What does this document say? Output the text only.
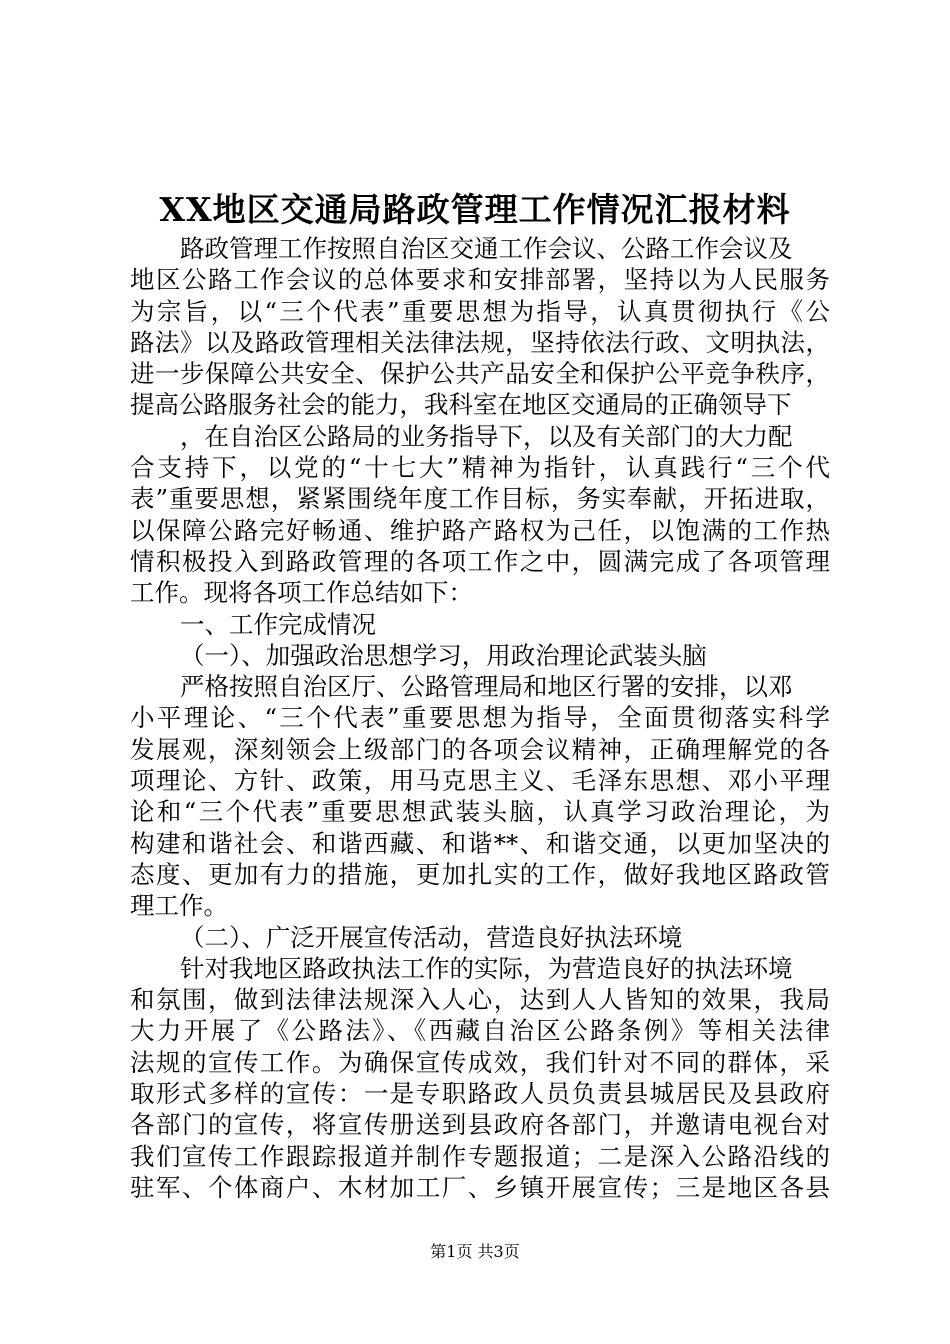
XX地区交通局路政管理工作情况汇报材料
路政管理工作按照自治区交通工作会议、公路工作会议及
地区公路工作会议的总体要求和安排部署，坚持以为人民服务
为宗旨，以“三个代表”重要思想为指导，认真贯彻执行《公
路法》以及路政管理相关法律法规，坚持依法行政、文明执法，
进一步保障公共安全、保护公共产品安全和保护公平竞争秩序，
提高公路服务社会的能力，我科室在地区交通局的正确领导下
，在自治区公路局的业务指导下，以及有关部门的大力配
合支持下，以党的“十七大”精神为指针，认真践行“三个代
表”重要思想，紧紧围绕年度工作目标，务实奉献，开拓进取，
以保障公路完好畅通、维护路产路权为己任，以饱满的工作热
情积极投入到路政管理的各项工作之中，圆满完成了各项管理
工作。现将各项工作总结如下：
一、工作完成情况
（一）、加强政治思想学习，用政治理论武装头脑
严格按照自治区厅、公路管理局和地区行署的安排，以邓
小平理论、“三个代表”重要思想为指导，全面贯彻落实科学
发展观，深刻领会上级部门的各项会议精神，正确理解党的各
项理论、方针、政策，用马克思主义、毛泽东思想、邓小平理
论和“三个代表”重要思想武装头脑，认真学习政治理论，为
构建和谐社会、和谐西藏、和谐**、和谐交通，以更加坚决的
态度、更加有力的措施，更加扎实的工作，做好我地区路政管
理工作。
（二）、广泛开展宣传活动，营造良好执法环境
针对我地区路政执法工作的实际，为营造良好的执法环境
和氛围，做到法律法规深入人心，达到人人皆知的效果，我局
大力开展了《公路法》、《西藏自治区公路条例》等相关法律
法规的宣传工作。为确保宣传成效，我们针对不同的群体，采
取形式多样的宣传：一是专职路政人员负责县城居民及县政府
各部门的宣传，将宣传册送到县政府各部门，并邀请电视台对
我们宣传工作跟踪报道并制作专题报道；二是深入公路沿线的
驻军、个体商户、木材加工厂、乡镇开展宣传；三是地区各县
第1页 共3页
